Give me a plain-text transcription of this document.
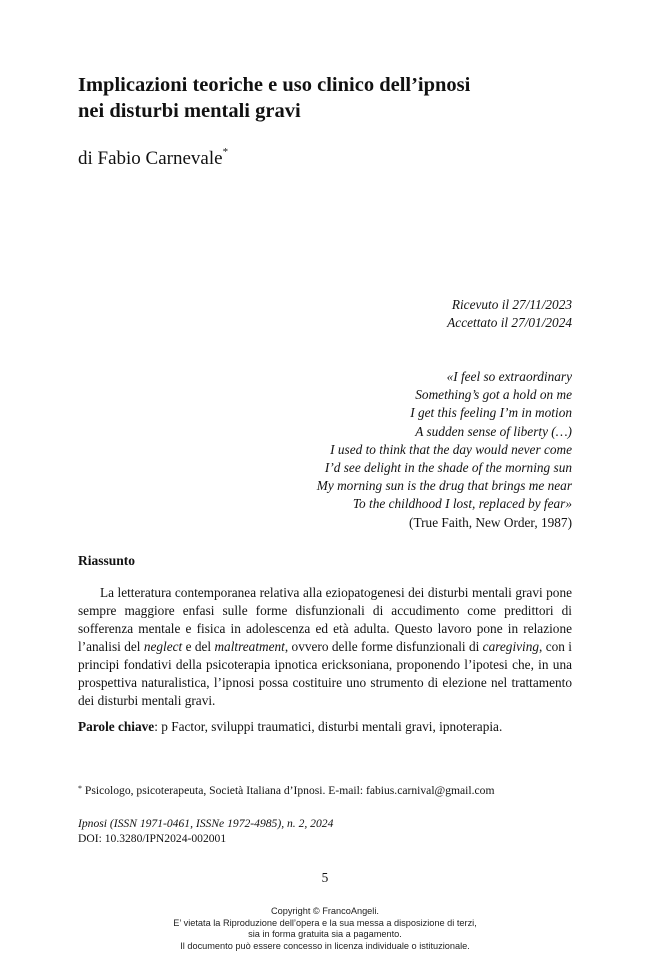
Implicazioni teoriche e uso clinico dell’ipnosi
nei disturbi mentali gravi
di Fabio Carnevale*
Ricevuto il 27/11/2023
Accettato il 27/01/2024
«I feel so extraordinary
Something’s got a hold on me
I get this feeling I’m in motion
A sudden sense of liberty (…)
I used to think that the day would never come
I’d see delight in the shade of the morning sun
My morning sun is the drug that brings me near
To the childhood I lost, replaced by fear»
(True Faith, New Order, 1987)
Riassunto
La letteratura contemporanea relativa alla eziopatogenesi dei disturbi mentali gravi pone sempre maggiore enfasi sulle forme disfunzionali di accudimento come predittori di sofferenza mentale e fisica in adolescenza ed età adulta. Questo lavoro pone in relazione l’analisi del neglect e del maltreatment, ovvero delle forme disfunzionali di caregiving, con i principi fondativi della psicoterapia ipnotica ericksoniana, proponendo l’ipotesi che, in una prospettiva naturalistica, l’ipnosi possa costituire uno strumento di elezione nel trattamento dei disturbi mentali gravi.
Parole chiave: p Factor, sviluppi traumatici, disturbi mentali gravi, ipnoterapia.
* Psicologo, psicoterapeuta, Società Italiana d’Ipnosi. E-mail: fabius.carnival@gmail.com
Ipnosi (ISSN 1971-0461, ISSNe 1972-4985), n. 2, 2024
DOI: 10.3280/IPN2024-002001
5
Copyright © FrancoAngeli.
E’ vietata la Riproduzione dell’opera e la sua messa a disposizione di terzi,
sia in forma gratuita sia a pagamento.
Il documento può essere concesso in licenza individuale o istituzionale.
